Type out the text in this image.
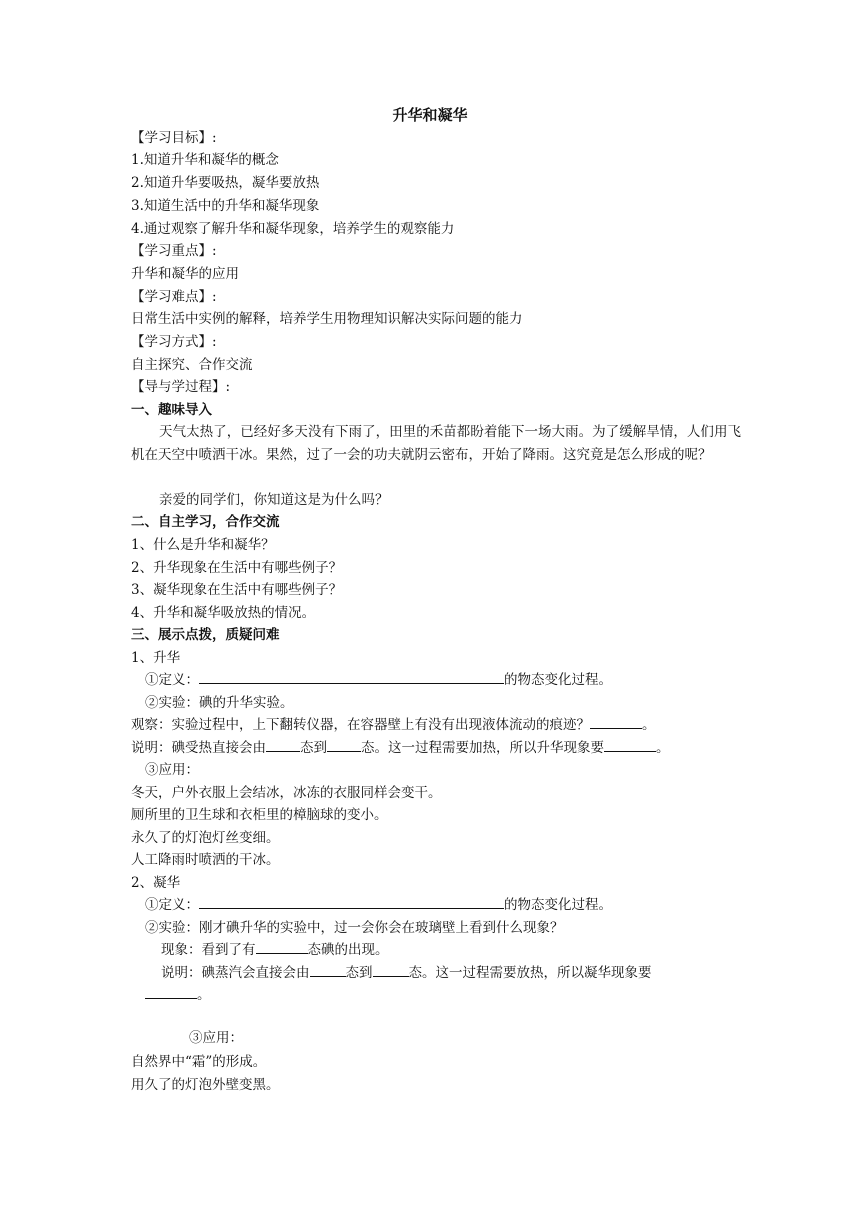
升华和凝华
【学习目标】:
1.知道升华和凝华的概念
2.知道升华要吸热，凝华要放热
3.知道生活中的升华和凝华现象
4.通过观察了解升华和凝华现象，培养学生的观察能力
【学习重点】:
升华和凝华的应用
【学习难点】:
日常生活中实例的解释，培养学生用物理知识解决实际问题的能力
【学习方式】:
自主探究、合作交流
【导与学过程】:
一、趣味导入
天气太热了，已经好多天没有下雨了，田里的禾苗都盼着能下一场大雨。为了缓解旱情，人们用飞机在天空中喷洒干冰。果然，过了一会的功夫就阴云密布，开始了降雨。这究竟是怎么形成的呢？
亲爱的同学们，你知道这是为什么吗？
二、自主学习，合作交流
1、什么是升华和凝华？
2、升华现象在生活中有哪些例子？
3、凝华现象在生活中有哪些例子？
4、升华和凝华吸放热的情况。
三、展示点拨，质疑问难
1、升华
①定义：	的物态变化过程。
②实验：碘的升华实验。
观察：实验过程中，上下翻转仪器，在容器壁上有没有出现液体流动的痕迹？	。
说明：碘受热直接会由	态到	态。这一过程需要加热，所以升华现象要	。
③应用：
冬天，户外衣服上会结冰，冰冻的衣服同样会变干。
厕所里的卫生球和衣柜里的樟脑球的变小。
永久了的灯泡灯丝变细。
人工降雨时喷洒的干冰。
2、凝华
①定义：	的物态变化过程。
②实验：刚才碘升华的实验中，过一会你会在玻璃壁上看到什么现象？
现象：看到了有	态碘的出现。
说明：碘蒸汽会直接会由	态到	态。这一过程需要放热，所以凝华现象要
。
③应用：
自然界中“霜”的形成。
用久了的灯泡外壁变黑。
